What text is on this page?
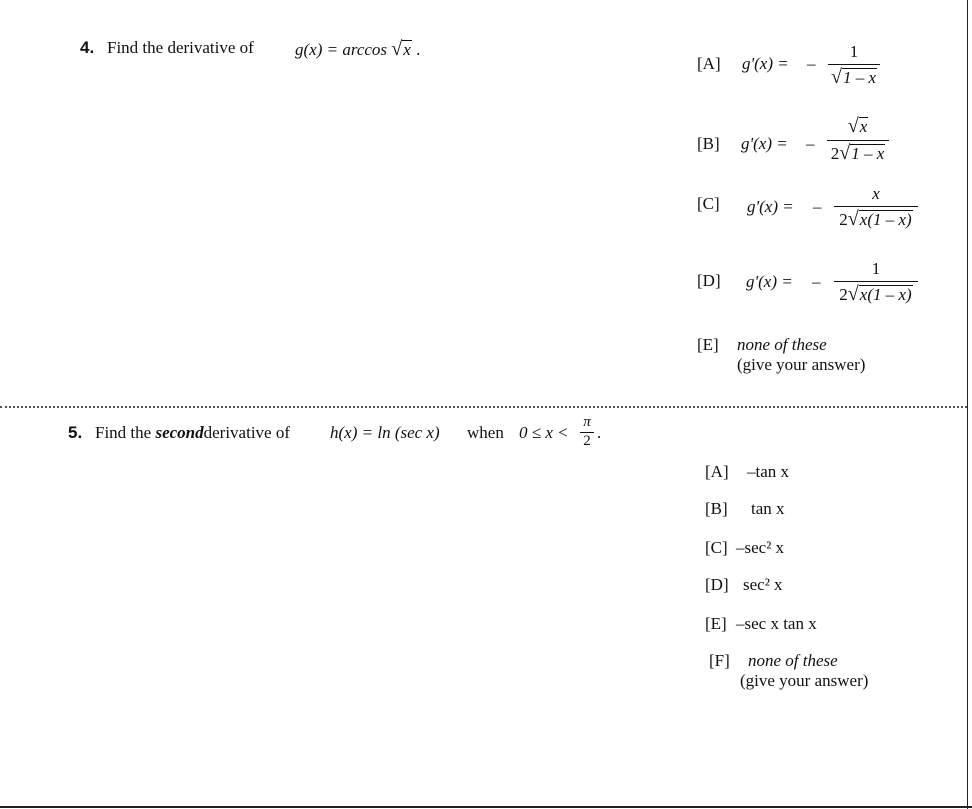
4. Find the derivative of g(x) = arccos √x .
[A] g'(x) = –
1
√1 – x
[B] g'(x) = –
√x
2√1 – x
[C] g'(x) = –
x
2√x(1 – x)
[D] g'(x) = –
1
2√x(1 – x)
[E] none of these
(give your answer)
5. Find the secondderivative of h(x) = ln (sec x) when 0 ≤ x <
π
2 .
[A] –tan x
[B] tan x
[C] –sec² x
[D] sec² x
[E] –sec x tan x
[F] none of these
(give your answer)
